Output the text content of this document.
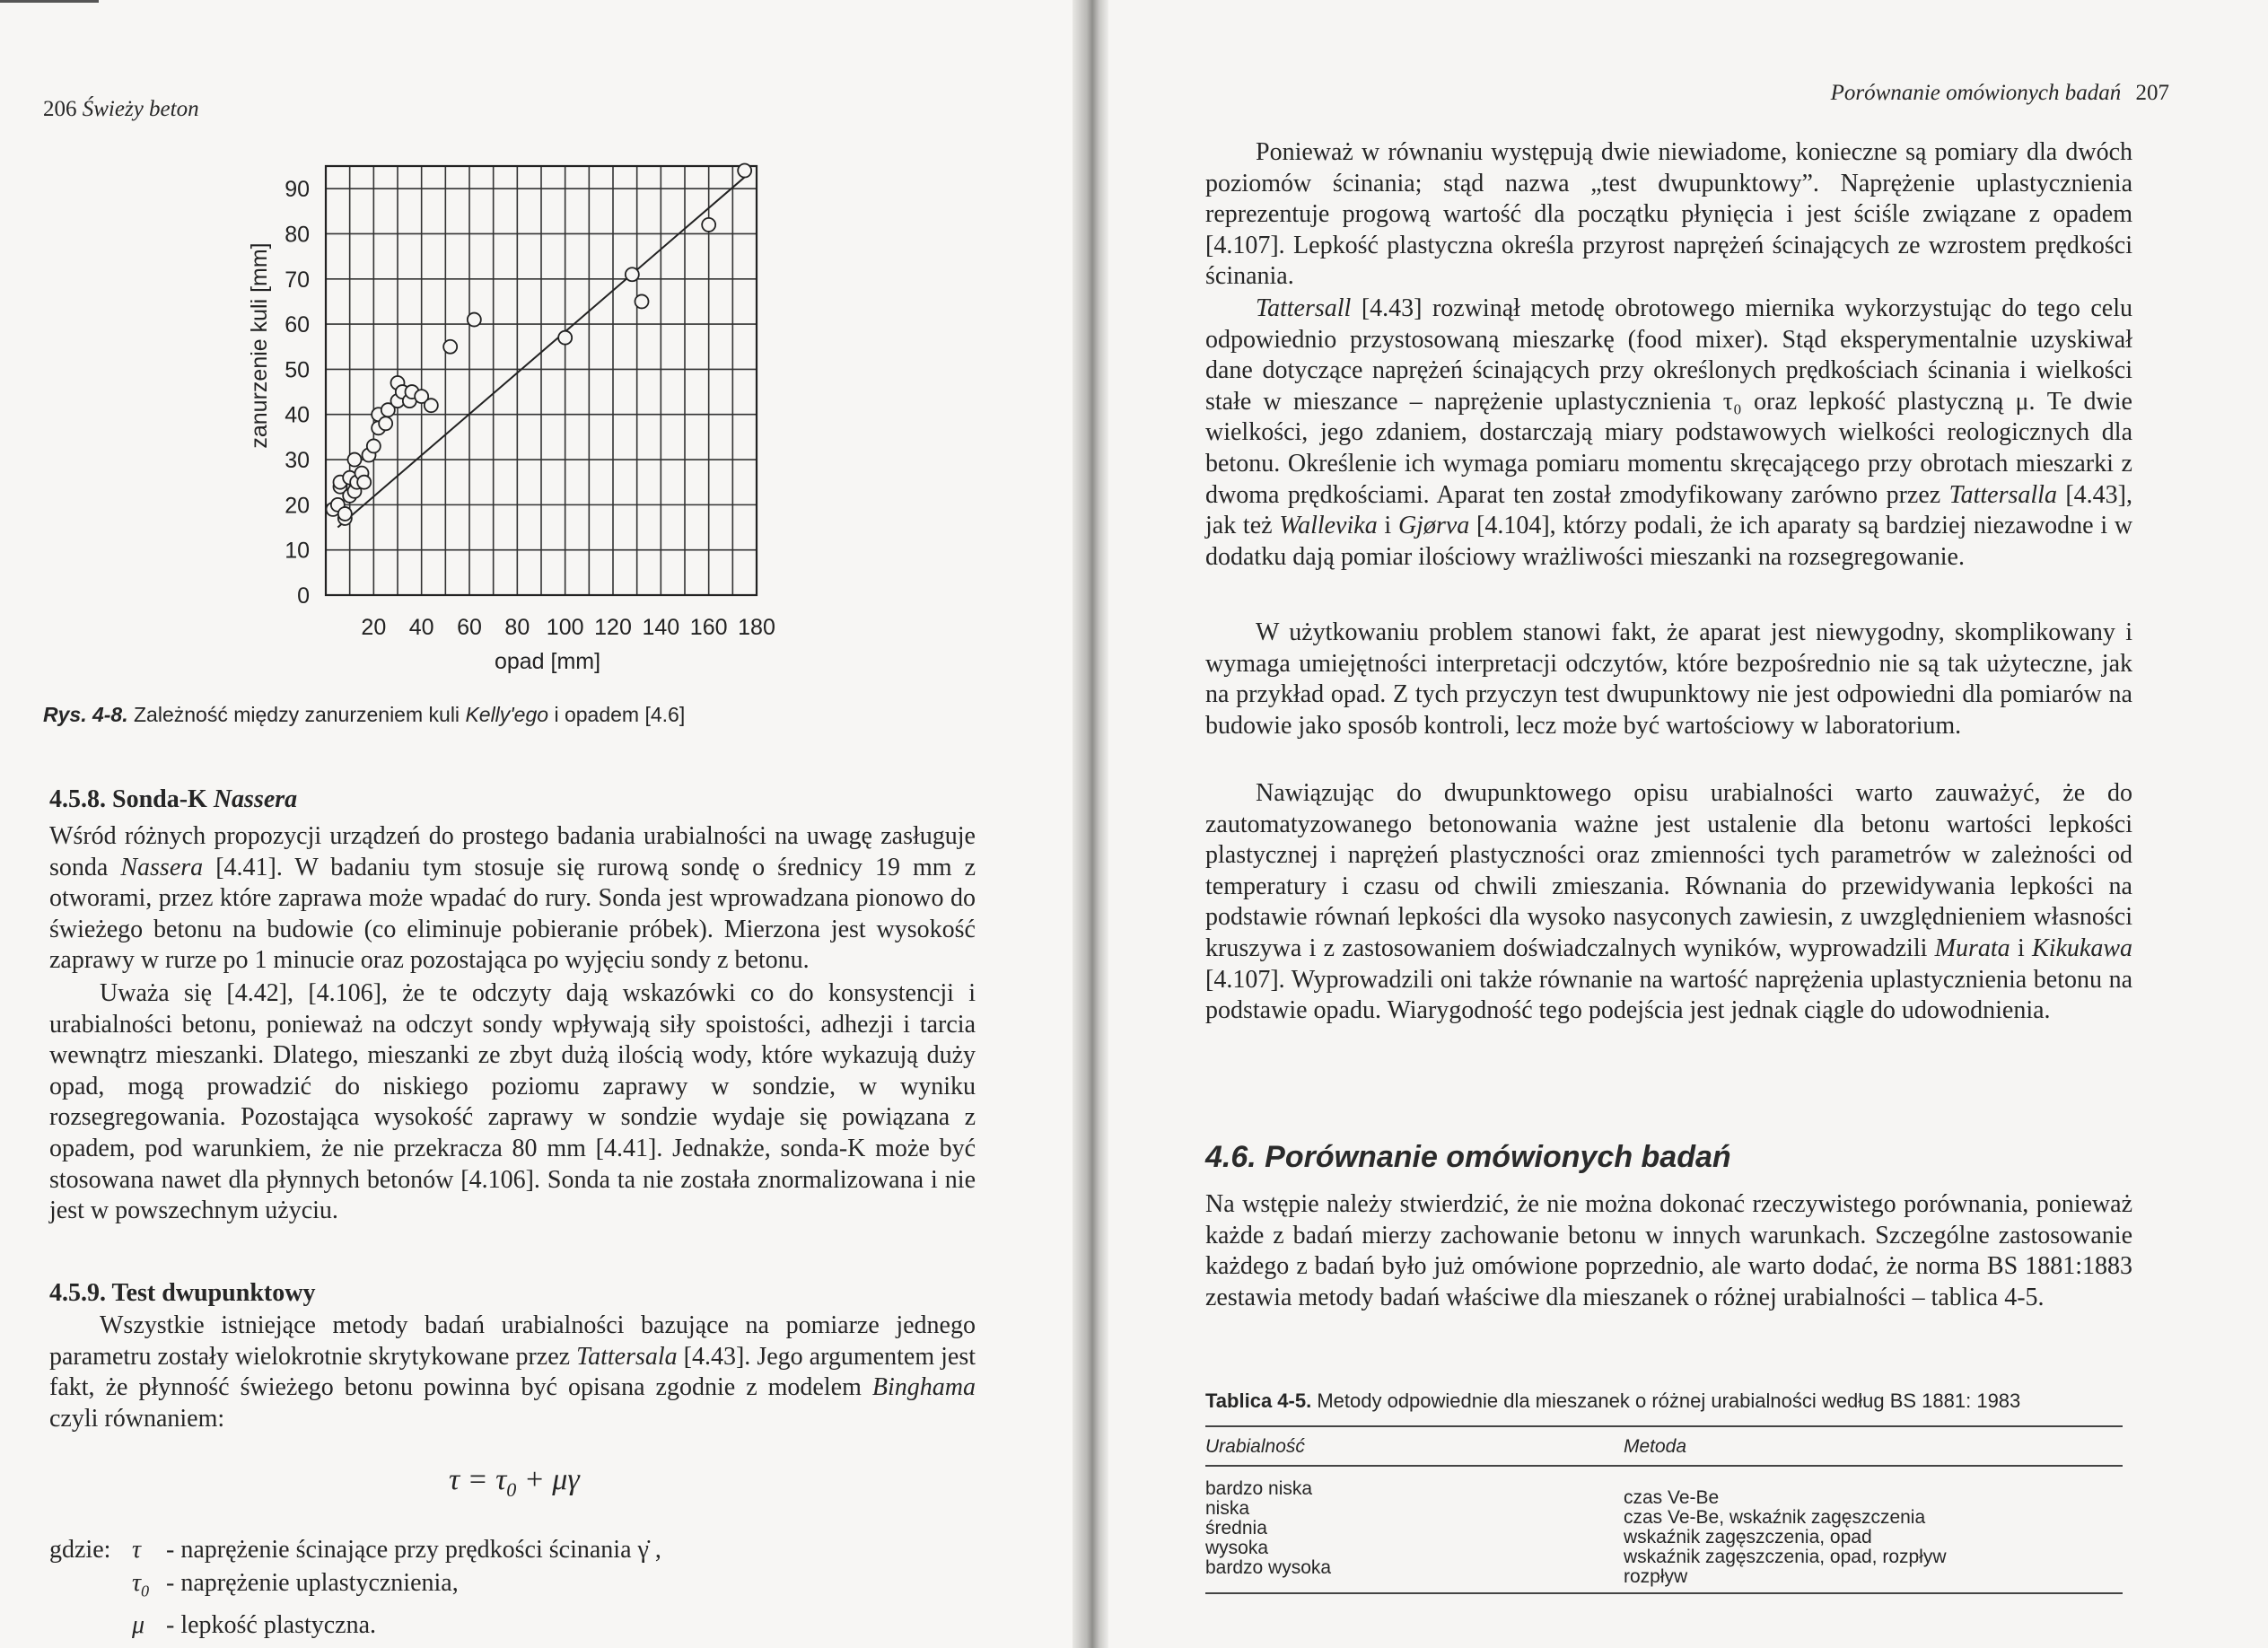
206 Świeży beton
0
10
20
30
40
50
60
70
80
90
20 40 60 80 100 120 140 160 180
opad [mm]
zanurzenie kuli [mm]
Rys. 4-8. Zależność między zanurzeniem kuli Kelly'ego i opadem [4.6]
4.5.8. Sonda-K Nassera

Wśród różnych propozycji urządzeń do prostego badania urabialności na uwagę zasługuje sonda Nassera [4.41]. W badaniu tym stosuje się rurową sondę o średnicy 19 mm z otworami, przez które zaprawa może wpadać do rury. Sonda jest wprowadzana pionowo do świeżego betonu na budowie (co eliminuje pobieranie próbek). Mierzona jest wysokość zaprawy w rurze po 1 minucie oraz pozostająca po wyjęciu sondy z betonu.

Uważa się [4.42], [4.106], że te odczyty dają wskazówki co do konsystencji i urabialności betonu, ponieważ na odczyt sondy wpływają siły spoistości, adhezji i tarcia wewnątrz mieszanki. Dlatego, mieszanki ze zbyt dużą ilością wody, które wykazują duży opad, mogą prowadzić do niskiego poziomu zaprawy w sondzie, w wyniku rozsegregowania. Pozostająca wysokość zaprawy w sondzie wydaje się powiązana z opadem, pod warunkiem, że nie przekracza 80 mm [4.41]. Jednakże, sonda-K może być stosowana nawet dla płynnych betonów [4.106]. Sonda ta nie została znormalizowana i nie jest w powszechnym użyciu.

4.5.9. Test dwupunktowy

Wszystkie istniejące metody badań urabialności bazujące na pomiarze jednego parametru zostały wielokrotnie skrytykowane przez Tattersala [4.43]. Jego argumentem jest fakt, że płynność świeżego betonu powinna być opisana zgodnie z modelem Binghama czyli równaniem:

$\tau = \tau_0 + \mu\gamma$
gdzie: τ - naprężenie ścinające przy prędkości ścinania γ̇ ,
$\tau_0$ - naprężenie uplastycznienia,
μ - lepkość plastyczna.
Porównanie omówionych badań 207

Ponieważ w równaniu występują dwie niewiadome, konieczne są pomiary dla dwóch poziomów ścinania; stąd nazwa „test dwupunktowy”. Naprężenie uplastycznienia reprezentuje progową wartość dla początku płynięcia i jest ściśle związane z opadem [4.107]. Lepkość plastyczna określa przyrost naprężeń ścinających ze wzrostem prędkości ścinania.

Tattersall [4.43] rozwinął metodę obrotowego miernika wykorzystując do tego celu odpowiednio przystosowaną mieszarkę (food mixer). Stąd eksperymentalnie uzyskiwał dane dotyczące naprężeń ścinających przy określonych prędkościach ścinania i wielkości stałe w mieszance – naprężenie uplastycznienia τ₀ oraz lepkość plastyczną μ. Te dwie wielkości, jego zdaniem, dostarczają miary podstawowych wielkości reologicznych dla betonu. Określenie ich wymaga pomiaru momentu skręcającego przy obrotach mieszarki z dwoma prędkościami. Aparat ten został zmodyfikowany zarówno przez Tattersalla [4.43], jak też Wallevika i Gjørva [4.104], którzy podali, że ich aparaty są bardziej niezawodne i w dodatku dają pomiar ilościowy wrażliwości mieszanki na rozsegregowanie.

W użytkowaniu problem stanowi fakt, że aparat jest niewygodny, skomplikowany i wymaga umiejętności interpretacji odczytów, które bezpośrednio nie są tak użyteczne, jak na przykład opad. Z tych przyczyn test dwupunktowy nie jest odpowiedni dla pomiarów na budowie jako sposób kontroli, lecz może być wartościowy w laboratorium.

Nawiązując do dwupunktowego opisu urabialności warto zauważyć, że do zautomatyzowanego betonowania ważne jest ustalenie dla betonu wartości lepkości plastycznej i naprężeń plastyczności oraz zmienności tych parametrów w zależności od temperatury i czasu od chwili zmieszania. Równania do przewidywania lepkości na podstawie równań lepkości dla wysoko nasyconych zawiesin, z uwzględnieniem własności kruszywa i z zastosowaniem doświadczalnych wyników, wyprowadzili Murata i Kikukawa [4.107]. Wyprowadzili oni także równanie na wartość naprężenia uplastycznienia betonu na podstawie opadu. Wiarygodność tego podejścia jest jednak ciągle do udowodnienia.

4.6. Porównanie omówionych badań

Na wstępie należy stwierdzić, że nie można dokonać rzeczywistego porównania, ponieważ każde z badań mierzy zachowanie betonu w innych warunkach. Szczególne zastosowanie każdego z badań było już omówione poprzednio, ale warto dodać, że norma BS 1881:1883 zestawia metody badań właściwe dla mieszanek o różnej urabialności – tablica 4-5.

Tablica 4-5. Metody odpowiednie dla mieszanek o różnej urabialności według BS 1881: 1983
Urabialność	Metoda
bardzo niska
niska
średnia
wysoka
bardzo wysoka
czas Ve-Be
czas Ve-Be, wskaźnik zagęszczenia
wskaźnik zagęszczenia, opad
wskaźnik zagęszczenia, opad, rozpływ
rozpływ
